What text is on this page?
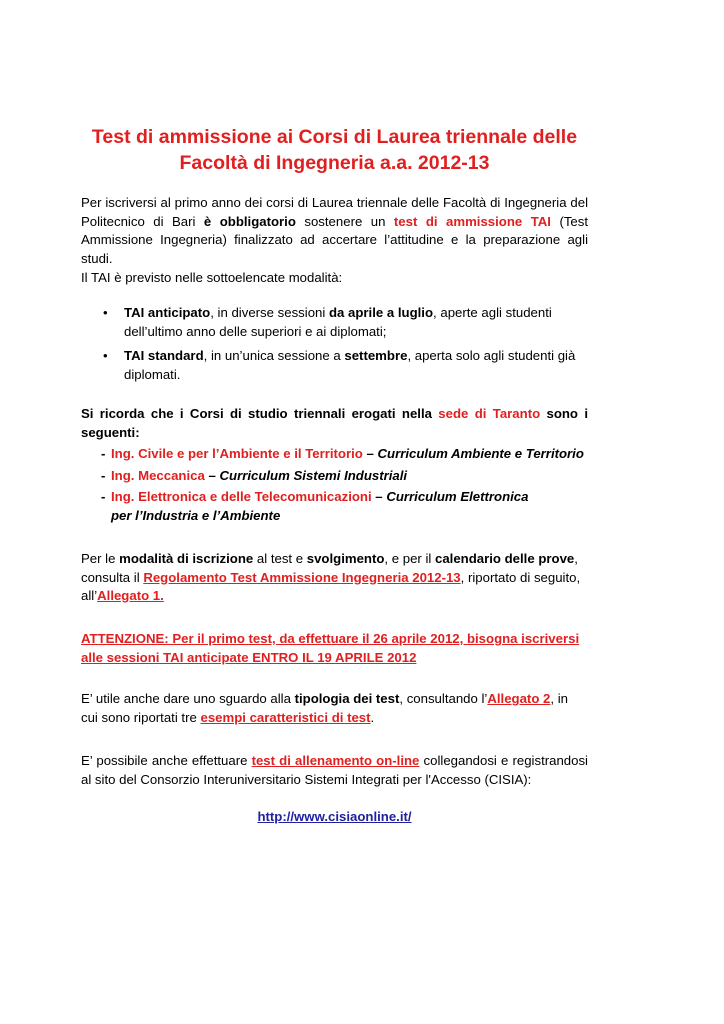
Test di ammissione ai Corsi di Laurea triennale delle
Facoltà di Ingegneria a.a. 2012-13

Per iscriversi al primo anno dei corsi di Laurea triennale delle Facoltà di Ingegneria del Politecnico di Bari è obbligatorio sostenere un test di ammissione TAI (Test Ammissione Ingegneria) finalizzato ad accertare l’attitudine e la preparazione agli studi.

Il TAI è previsto nelle sottoelencate modalità:

• TAI anticipato, in diverse sessioni da aprile a luglio, aperte agli studenti dell’ultimo anno delle superiori e ai diplomati;
• TAI standard, in un’unica sessione a settembre, aperta solo agli studenti già diplomati.

Si ricorda che i Corsi di studio triennali erogati nella sede di Taranto sono i seguenti:

- Ing. Civile e per l’Ambiente e il Territorio – Curriculum Ambiente e Territorio
- Ing. Meccanica – Curriculum Sistemi Industriali
- Ing. Elettronica e delle Telecomunicazioni – Curriculum Elettronica per l’Industria e l’Ambiente

Per le modalità di iscrizione al test e svolgimento, e per il calendario delle prove, consulta il Regolamento Test Ammissione Ingegneria 2012-13, riportato di seguito, all’Allegato 1.

ATTENZIONE: Per il primo test, da effettuare il 26 aprile 2012, bisogna iscriversi alle sessioni TAI anticipate ENTRO IL 19 APRILE 2012

E’ utile anche dare uno sguardo alla tipologia dei test, consultando l’Allegato 2, in cui sono riportati tre esempi caratteristici di test.

E’ possibile anche effettuare test di allenamento on-line collegandosi e registrandosi al sito del Consorzio Interuniversitario Sistemi Integrati per l'Accesso (CISIA):

http://www.cisiaonline.it/
